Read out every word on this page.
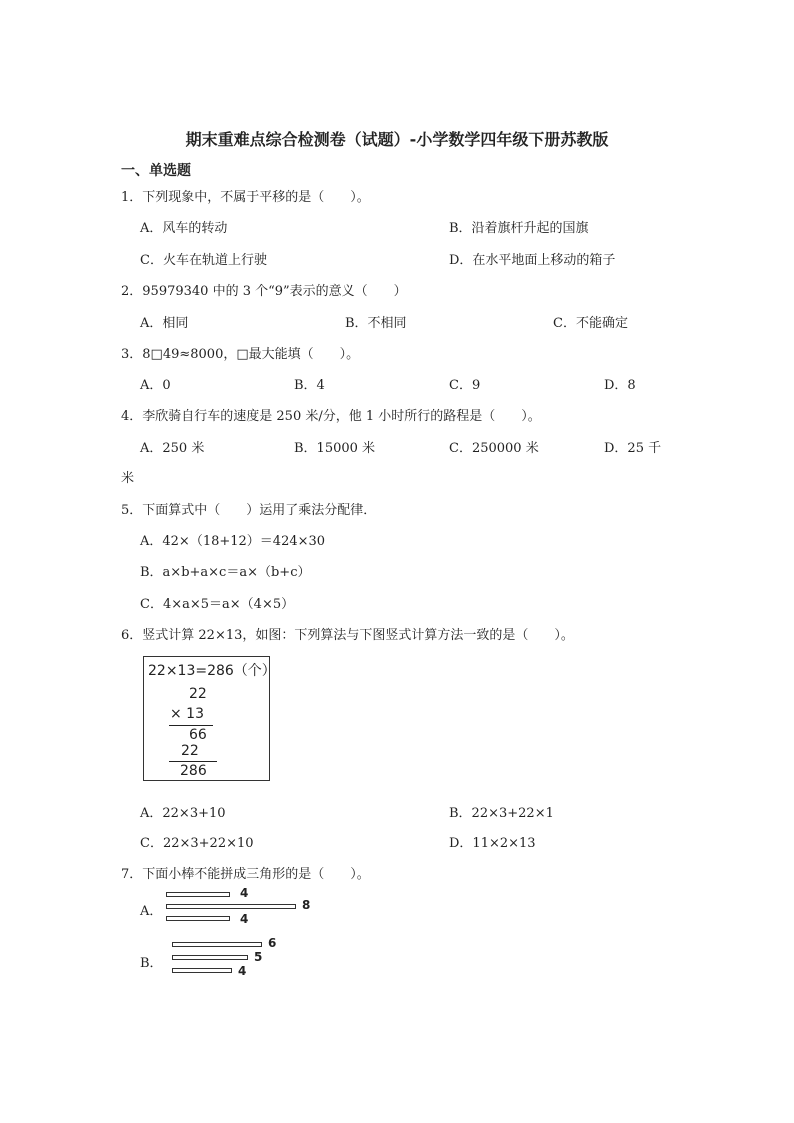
期末重难点综合检测卷（试题）-小学数学四年级下册苏教版
一、单选题
1．下列现象中，不属于平移的是（　　）。
A．风车的转动	B．沿着旗杆升起的国旗
C．火车在轨道上行驶	D．在水平地面上移动的箱子
2．95979340 中的 3 个“9”表示的意义（　　）
A．相同	B．不相同	C．不能确定
3．8□49≈8000，□最大能填（　　）。
A．0	B．4	C．9	D．8
4．李欣骑自行车的速度是 250 米/分，他 1 小时所行的路程是（　　）。
A．250 米	B．15000 米	C．250000 米	D．25 千
米
5．下面算式中（　　）运用了乘法分配律．
A．42×（18+12）＝424×30
B．a×b+a×c＝a×（b+c）
C．4×a×5＝a×（4×5）
6．竖式计算 22×13，如图：下列算法与下图竖式计算方法一致的是（　　）。
22×13=286（个）
22
× 13
66
22
286
A．22×3+10	B．22×3+22×1
C．22×3+22×10	D．11×2×13
7．下面小棒不能拼成三角形的是（　　）。
A．
4
8
4
B．
6
5
4
